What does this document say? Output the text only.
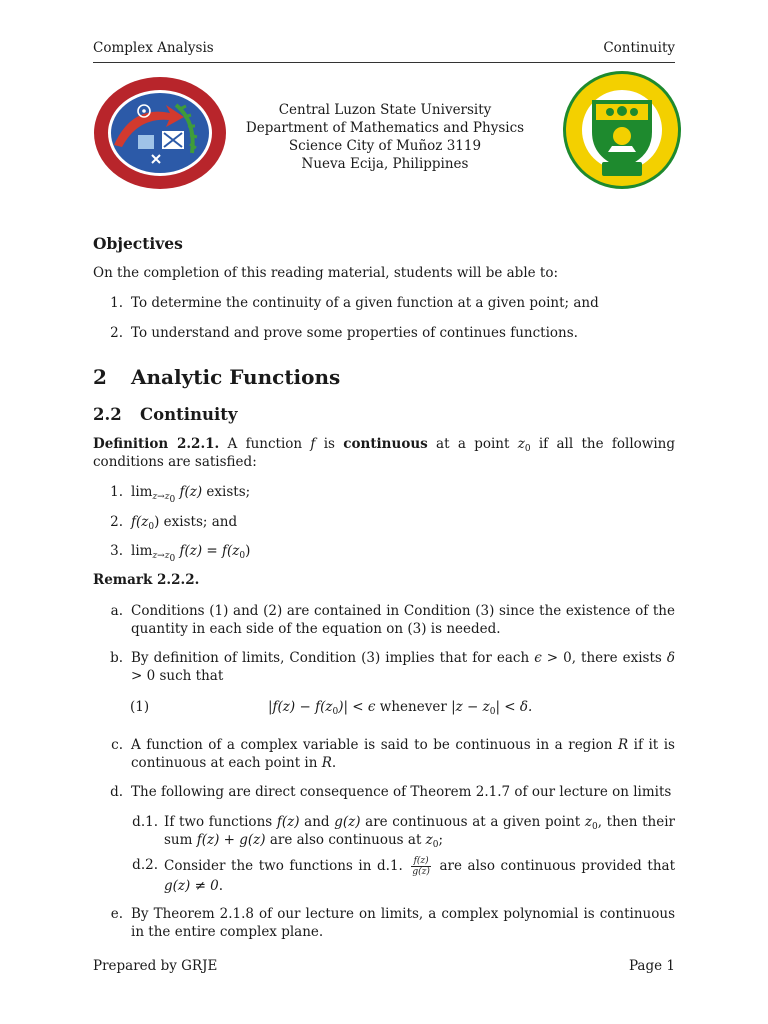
Complex Analysis	Continuity
Central Luzon State University
Department of Mathematics and Physics
Science City of Muñoz 3119
Nueva Ecija, Philippines
Objectives
On the completion of this reading material, students will be able to:
1. To determine the continuity of a given function at a given point; and
2. To understand and prove some properties of continues functions.
2 Analytic Functions
2.2 Continuity
Definition 2.2.1. A function f is continuous at a point $z_0$ if all the following conditions are satisfied:
1. $\lim_{z\to z_0} f(z)$ exists;
2. $f(z_0)$ exists; and
3. $\lim_{z\to z_0} f(z) = f(z_0)$
Remark 2.2.2.
a. Conditions (1) and (2) are contained in Condition (3) since the existence of the quantity in each side of the equation on (3) is needed.
b. By definition of limits, Condition (3) implies that for each ϵ > 0, there exists δ > 0 such that
(1)	$|f(z) - f(z_0)| < \epsilon$ whenever $|z - z_0| < \delta$.
c. A function of a complex variable is said to be continuous in a region R if it is continuous at each point in R.
d. The following are direct consequence of Theorem 2.1.7 of our lecture on limits
d.1. If two functions f(z) and g(z) are continuous at a given point $z_0$, then their sum f(z) + g(z) are also continuous at $z_0$;
d.2. Consider the two functions in d.1. $\frac{f(z)}{g(z)}$ are also continuous provided that g(z) ≠ 0.
e. By Theorem 2.1.8 of our lecture on limits, a complex polynomial is continuous in the entire complex plane.
Prepared by GRJE	Page 1
